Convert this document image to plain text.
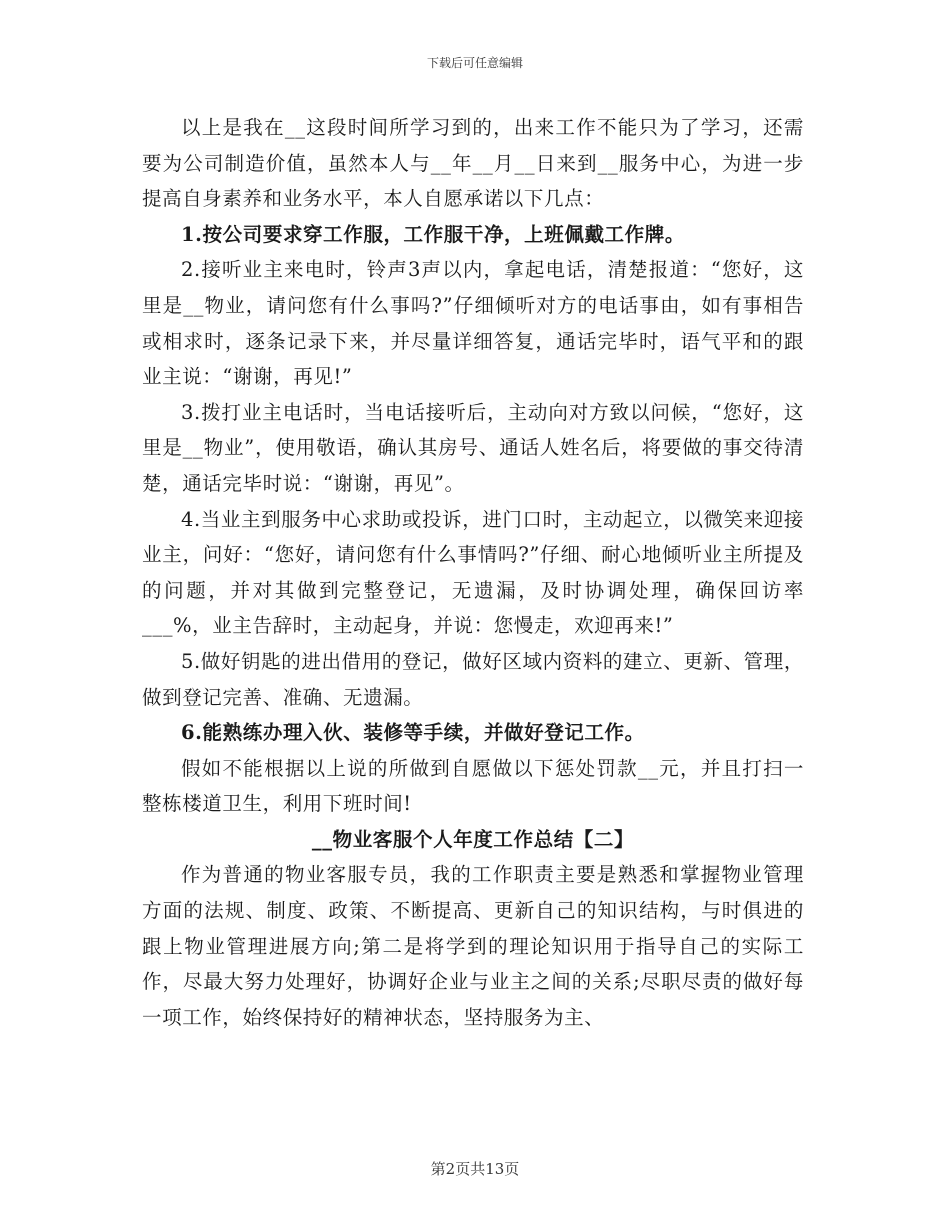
下载后可任意编辑

以上是我在__这段时间所学习到的，出来工作不能只为了学习，还需要为公司制造价值，虽然本人与__年__月__日来到__服务中心，为进一步提高自身素养和业务水平，本人自愿承诺以下几点：

1.按公司要求穿工作服，工作服干净，上班佩戴工作牌。

2.接听业主来电时，铃声3声以内，拿起电话，清楚报道：“您好，这里是__物业，请问您有什么事吗?”仔细倾听对方的电话事由，如有事相告或相求时，逐条记录下来，并尽量详细答复，通话完毕时，语气平和的跟业主说：“谢谢，再见!”

3.拨打业主电话时，当电话接听后，主动向对方致以问候，“您好，这里是__物业”，使用敬语，确认其房号、通话人姓名后，将要做的事交待清楚，通话完毕时说：“谢谢，再见”。

4.当业主到服务中心求助或投诉，进门口时，主动起立，以微笑来迎接业主，问好：“您好，请问您有什么事情吗?”仔细、耐心地倾听业主所提及的问题，并对其做到完整登记，无遗漏，及时协调处理，确保回访率___%，业主告辞时，主动起身，并说：您慢走，欢迎再来!”

5.做好钥匙的进出借用的登记，做好区域内资料的建立、更新、管理，做到登记完善、准确、无遗漏。

6.能熟练办理入伙、装修等手续，并做好登记工作。

假如不能根据以上说的所做到自愿做以下惩处罚款__元，并且打扫一整栋楼道卫生，利用下班时间!

__物业客服个人年度工作总结【二】

作为普通的物业客服专员，我的工作职责主要是熟悉和掌握物业管理方面的法规、制度、政策、不断提高、更新自己的知识结构，与时俱进的跟上物业管理进展方向;第二是将学到的理论知识用于指导自己的实际工作，尽最大努力处理好，协调好企业与业主之间的关系;尽职尽责的做好每一项工作，始终保持好的精神状态，坚持服务为主、

第2页共13页
